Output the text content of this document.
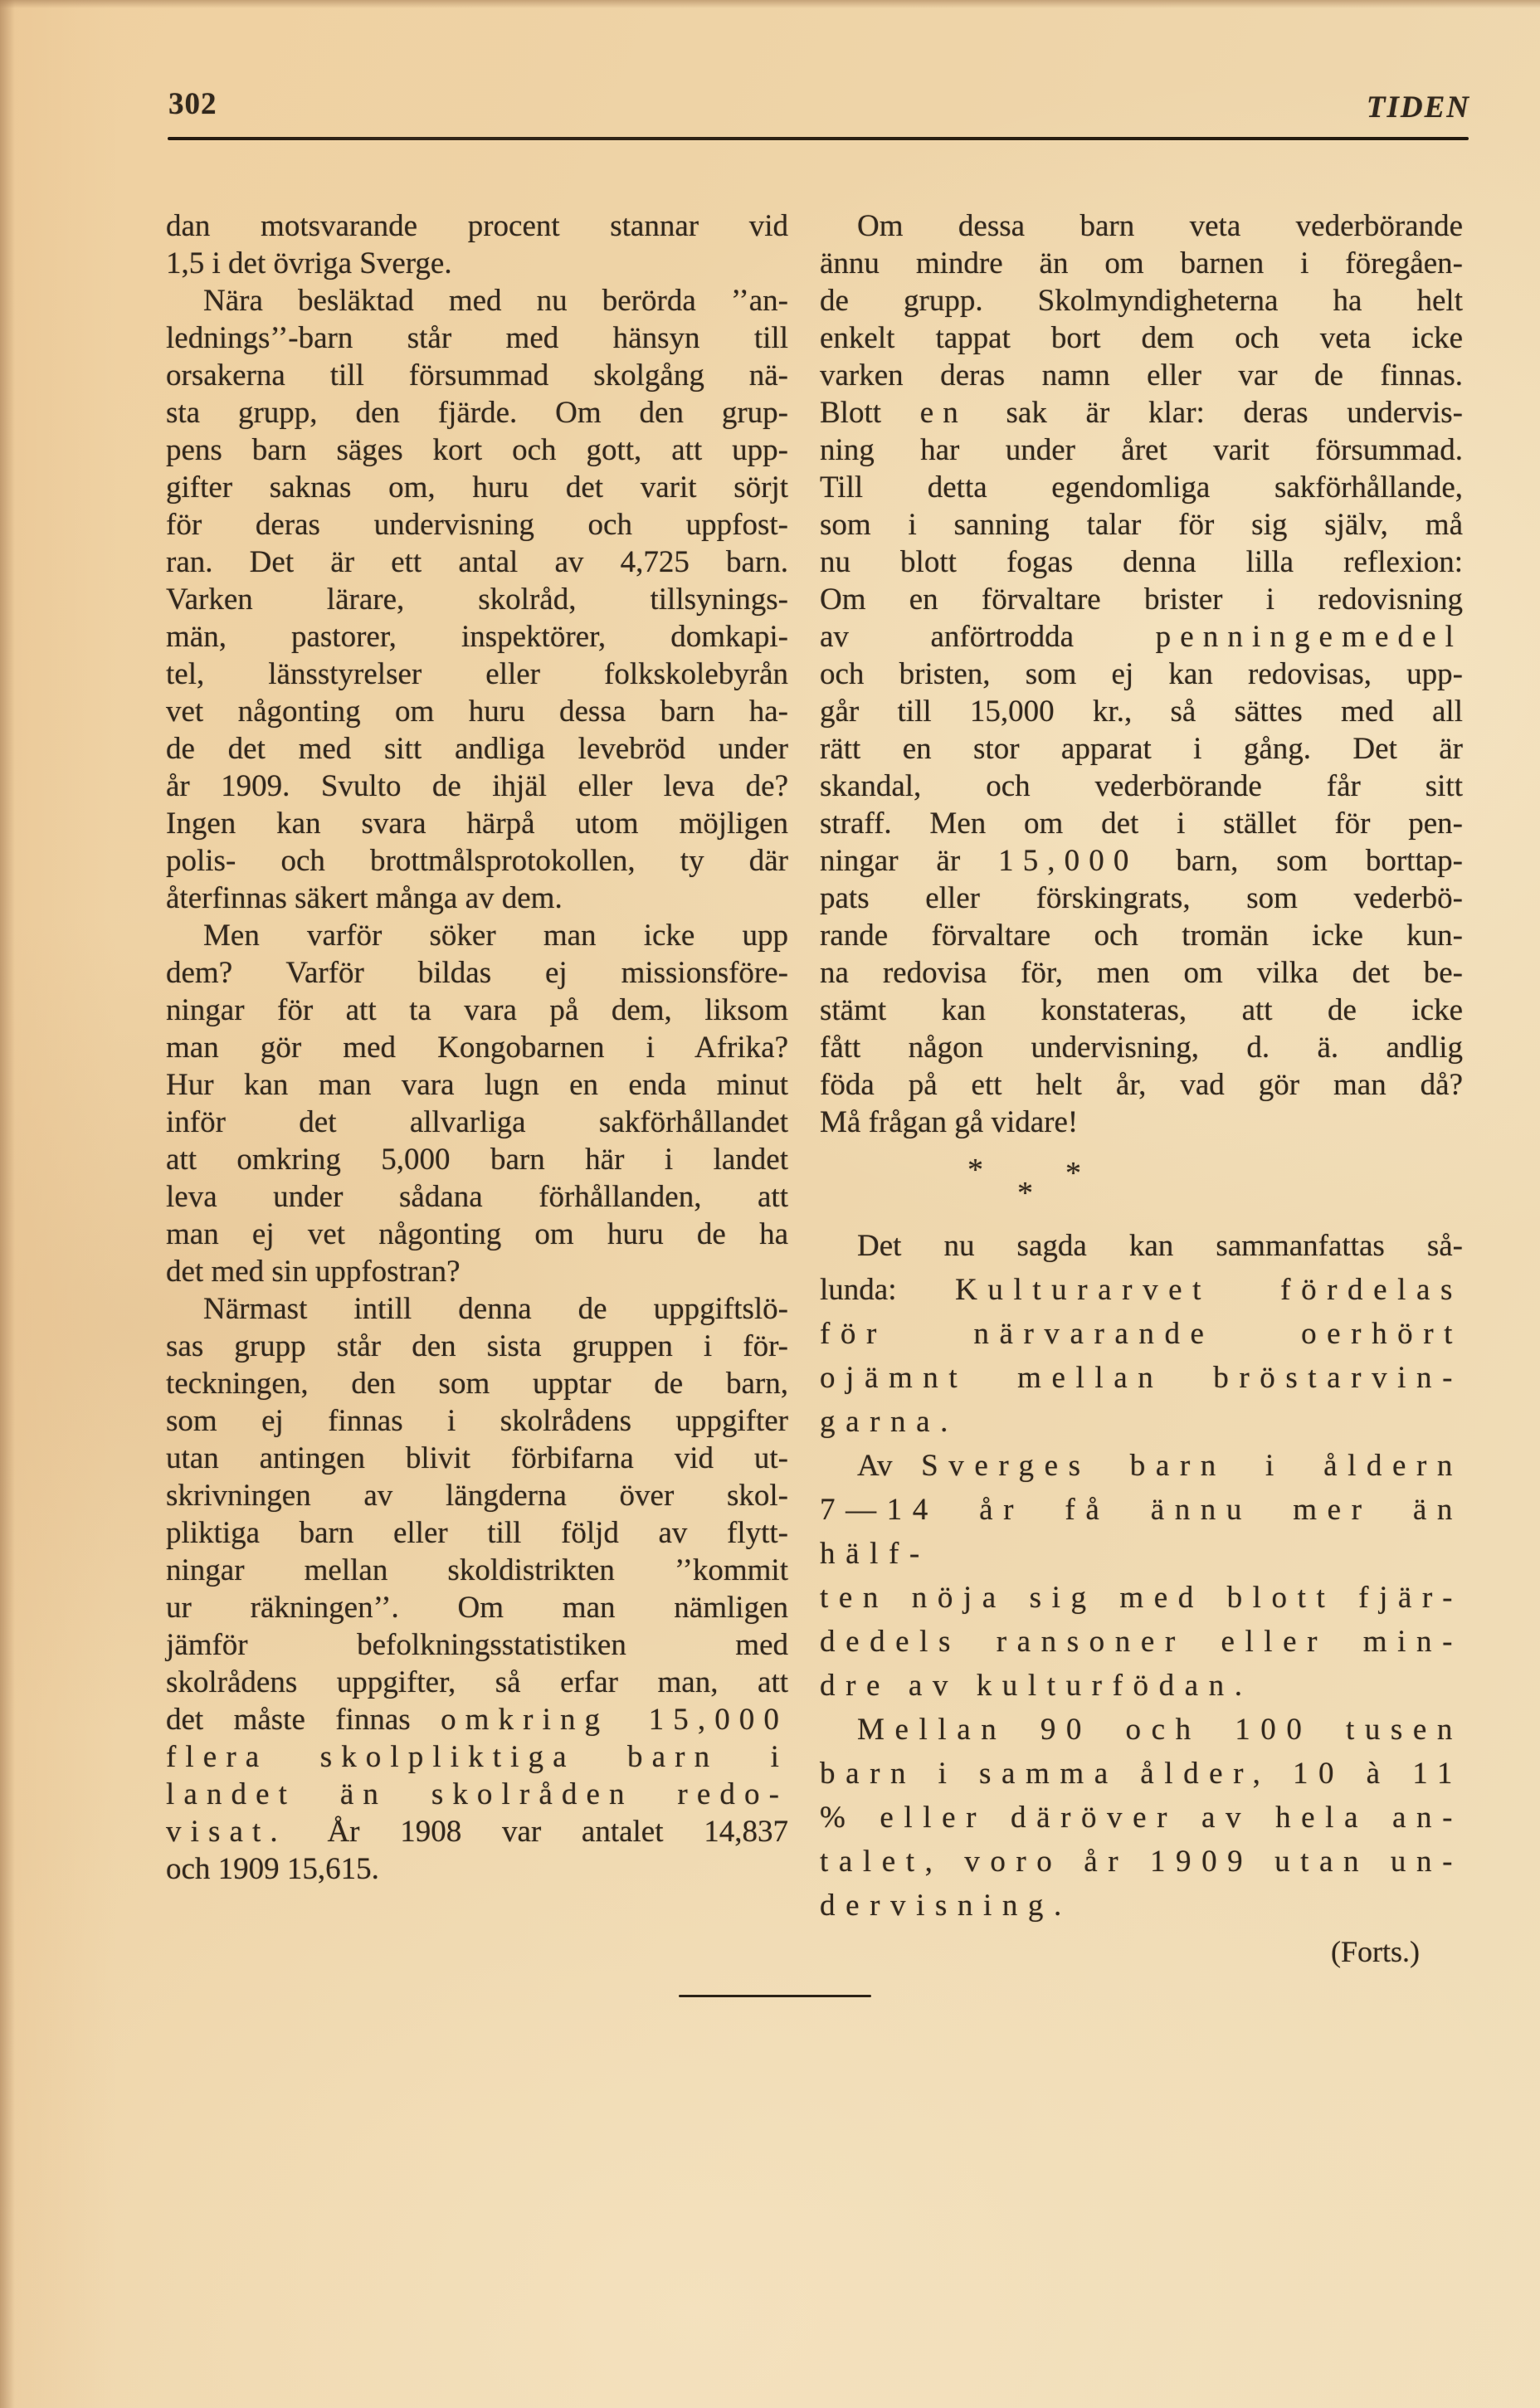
302	TIDEN
dan motsvarande procent stannar vid
1,5 i det övriga Sverge.
Nära besläktad med nu berörda ’’an-
lednings’’-barn står med hänsyn till
orsakerna till försummad skolgång nä-
sta grupp, den fjärde. Om den grup-
pens barn säges kort och gott, att upp-
gifter saknas om, huru det varit sörjt
för deras undervisning och uppfost-
ran. Det är ett antal av 4,725 barn.
Varken lärare, skolråd, tillsynings-
män, pastorer, inspektörer, domkapi-
tel, länsstyrelser eller folkskolebyrån
vet någonting om huru dessa barn ha-
de det med sitt andliga levebröd under
år 1909. Svulto de ihjäl eller leva de?
Ingen kan svara härpå utom möjligen
polis- och brottmålsprotokollen, ty där
återfinnas säkert många av dem.
Men varför söker man icke upp
dem? Varför bildas ej missionsföre-
ningar för att ta vara på dem, liksom
man gör med Kongobarnen i Afrika?
Hur kan man vara lugn en enda minut
inför det allvarliga sakförhållandet
att omkring 5,000 barn här i landet
leva under sådana förhållanden, att
man ej vet någonting om huru de ha
det med sin uppfostran?
Närmast intill denna de uppgiftslö-
sas grupp står den sista gruppen i för-
teckningen, den som upptar de barn,
som ej finnas i skolrådens uppgifter
utan antingen blivit förbifarna vid ut-
skrivningen av längderna över skol-
pliktiga barn eller till följd av flytt-
ningar mellan skoldistrikten ’’kommit
ur räkningen’’. Om man nämligen
jämför befolkningsstatistiken med
skolrådens uppgifter, så erfar man, att
det måste finnas omkring 15,000
flera skolpliktiga barn i
landet än skolråden redo-
visat. År 1908 var antalet 14,837
och 1909 15,615.
Om dessa barn veta vederbörande
ännu mindre än om barnen i föregåen-
de grupp. Skolmyndigheterna ha helt
enkelt tappat bort dem och veta icke
varken deras namn eller var de finnas.
Blott en sak är klar: deras undervis-
ning har under året varit försummad.
Till detta egendomliga sakförhållande,
som i sanning talar för sig själv, må
nu blott fogas denna lilla reflexion:
Om en förvaltare brister i redovisning
av anförtrodda penningemedel
och bristen, som ej kan redovisas, upp-
går till 15,000 kr., så sättes med all
rätt en stor apparat i gång. Det är
skandal, och vederbörande får sitt
straff. Men om det i stället för pen-
ningar är 15,000 barn, som borttap-
pats eller förskingrats, som vederbö-
rande förvaltare och tromän icke kun-
na redovisa för, men om vilka det be-
stämt kan konstateras, att de icke
fått någon undervisning, d. ä. andlig
föda på ett helt år, vad gör man då?
Må frågan gå vidare!
*	*
*
Det nu sagda kan sammanfattas så-
lunda: Kulturarvet fördelas
för närvarande oerhört
ojämnt mellan bröstarvin-
garna.
Av Sverges barn i åldern
7—14 år få ännu mer än hälf-
ten nöja sig med blott fjär-
dedels ransoner eller min-
dre av kulturfödan.
Mellan 90 och 100 tusen
barn i samma ålder, 10 à 11
% eller däröver av hela an-
talet, voro år 1909 utan un-
dervisning.
(Forts.)
